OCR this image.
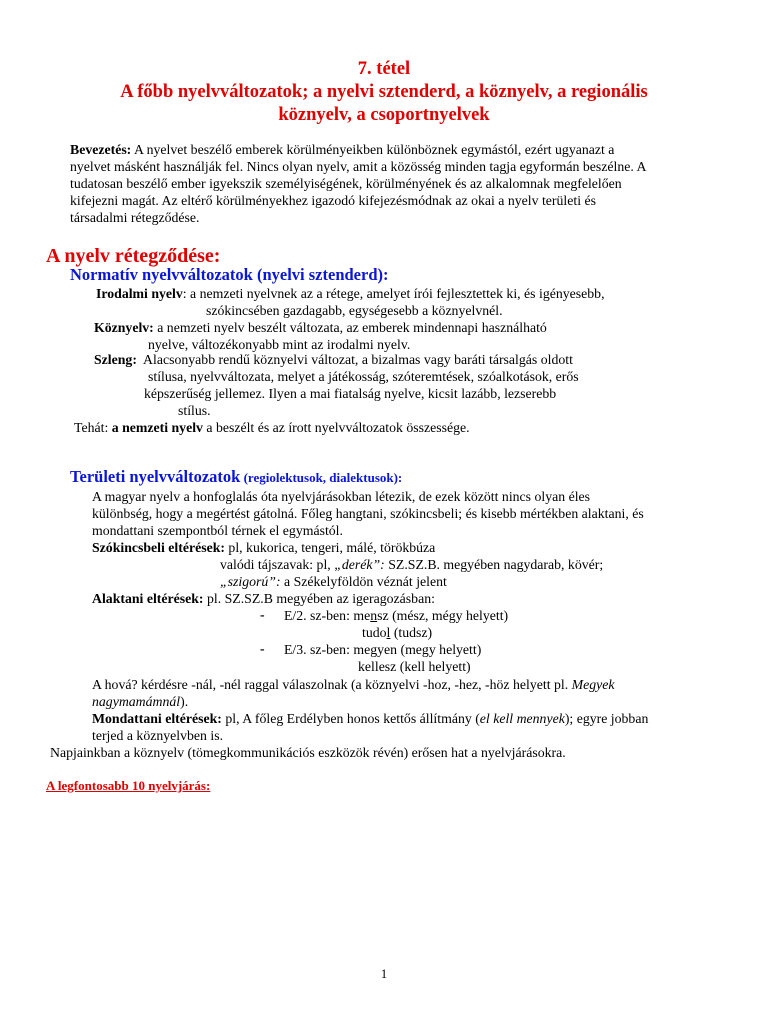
7. tétel
A főbb nyelvváltozatok; a nyelvi sztenderd, a köznyelv, a regionális
köznyelv, a csoportnyelvek
Bevezetés: A nyelvet beszélő emberek körülményeikben különböznek egymástól, ezért ugyanazt a
nyelvet másként használják fel. Nincs olyan nyelv, amit a közösség minden tagja egyformán beszélne. A
tudatosan beszélő ember igyekszik személyiségének, körülményének és az alkalomnak megfelelően
kifejezni magát. Az eltérő körülményekhez igazodó kifejezésmódnak az okai a nyelv területi és
társadalmi rétegződése.
A nyelv rétegződése:
Normatív nyelvváltozatok (nyelvi sztenderd):
Irodalmi nyelv: a nemzeti nyelvnek az a rétege, amelyet írói fejlesztettek ki, és igényesebb,
szókincsében gazdagabb, egységesebb a köznyelvnél.
Köznyelv: a nemzeti nyelv beszélt változata, az emberek mindennapi használható
nyelve, változékonyabb mint az irodalmi nyelv.
Szleng:  Alacsonyabb rendű köznyelvi változat, a bizalmas vagy baráti társalgás oldott
stílusa, nyelvváltozata, melyet a játékosság, szóteremtések, szóalkotások, erős
képszerűség jellemez. Ilyen a mai fiatalság nyelve, kicsit lazább, lezserebb
stílus.
Tehát: a nemzeti nyelv a beszélt és az írott nyelvváltozatok összessége.
Területi nyelvváltozatok (regiolektusok, dialektusok):
A magyar nyelv a honfoglalás óta nyelvjárásokban létezik, de ezek között nincs olyan éles
különbség, hogy a megértést gátolná. Főleg hangtani, szókincsbeli; és kisebb mértékben alaktani, és
mondattani szempontból térnek el egymástól.
Szókincsbeli eltérések: pl, kukorica, tengeri, málé, törökbúza
valódi tájszavak: pl, „derék”: SZ.SZ.B. megyében nagydarab, kövér;
„szigorú”: a Székelyföldön véznát jelent
Alaktani eltérések: pl. SZ.SZ.B megyében az igeragozásban:
- E/2. sz-ben: mensz (mész, mégy helyett)
tudol (tudsz)
- E/3. sz-ben: megyen (megy helyett)
kellesz (kell helyett)
A hová? kérdésre -nál, -nél raggal válaszolnak (a köznyelvi -hoz, -hez, -höz helyett pl. Megyek
nagymamámnál).
Mondattani eltérések: pl, A főleg Erdélyben honos kettős állítmány (el kell mennyek); egyre jobban
terjed a köznyelvben is.
Napjainkban a köznyelv (tömegkommunikációs eszközök révén) erősen hat a nyelvjárásokra.
A legfontosabb 10 nyelvjárás:
1
